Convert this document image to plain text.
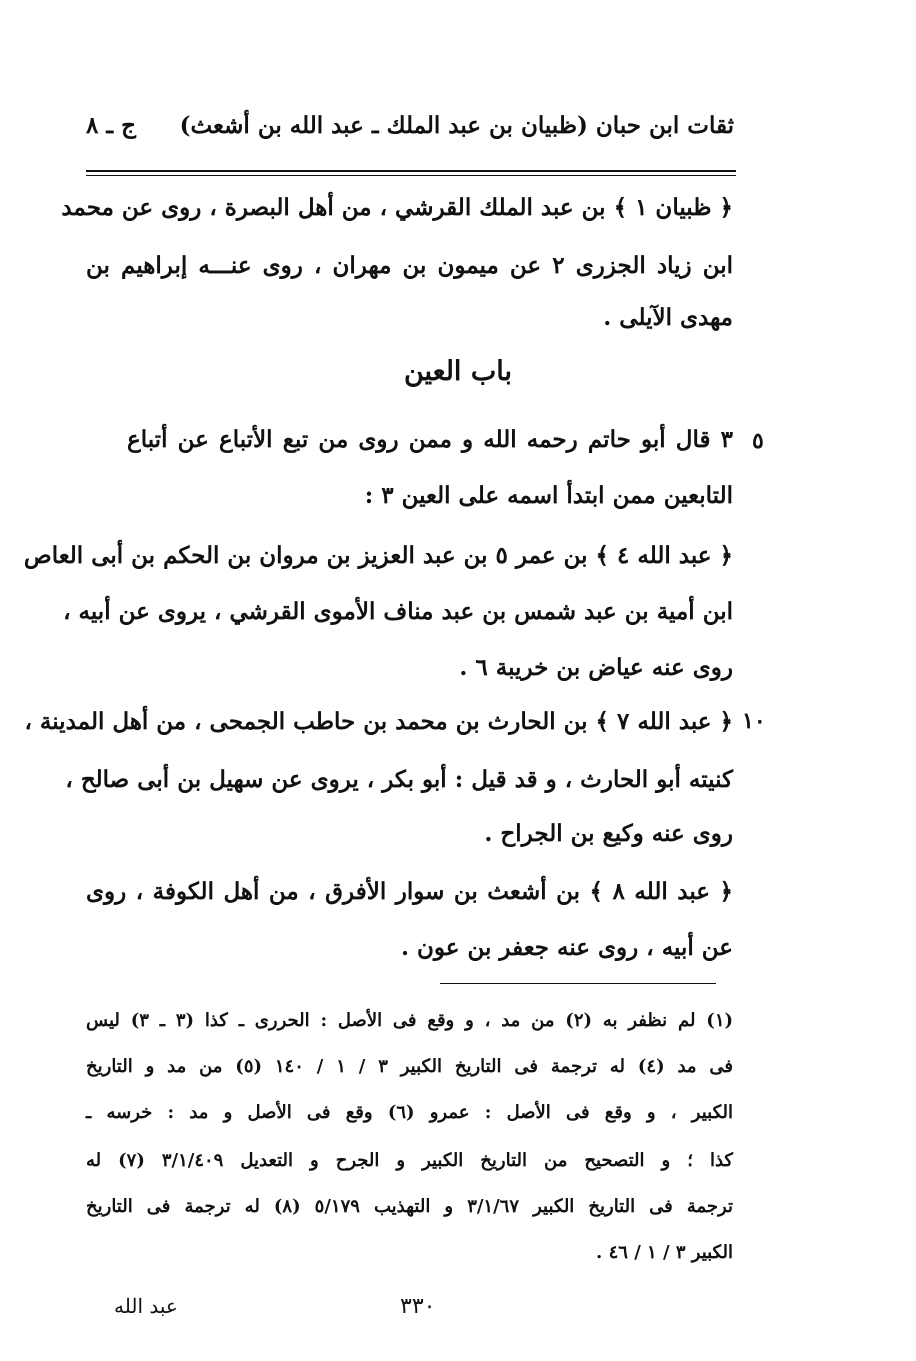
ثقات ابن حبان (ظبيان بن عبد الملك ـ عبد الله بن أشعث)
ج ـ ٨
﴿ ظبيان ١ ﴾ بن عبد الملك القرشي ، من أهل البصرة ، روى عن محمد
ابن زياد الجزرى ٢ عن ميمون بن مهران ، روى عنـــه إبراهيم بن
مهدى الآيلى .
باب العين
٥
٣ قال أبو حاتم رحمه الله و ممن روى من تبع الأتباع عن أتباع
التابعين ممن ابتدأ اسمه على العين ٣ :
﴿ عبد الله ٤ ﴾ بن عمر ٥ بن عبد العزيز بن مروان بن الحكم بن أبى العاص
ابن أمية بن عبد شمس بن عبد مناف الأموى القرشي ، يروى عن أبيه ،
روى عنه عياض بن خريبة ٦ .
١٠
﴿ عبد الله ٧ ﴾ بن الحارث بن محمد بن حاطب الجمحى ، من أهل المدينة ،
كنيته أبو الحارث ، و قد قيل : أبو بكر ، يروى عن سهيل بن أبى صالح ،
روى عنه وكيع بن الجراح .
﴿ عبد الله ٨ ﴾ بن أشعث بن سوار الأفرق ، من أهل الكوفة ، روى
عن أبيه ، روى عنه جعفر بن عون .
(١) لم نظفر به (٢) من مد ، و وقع فى الأصل : الحررى ـ كذا (٣ ـ ٣) ليس
فى مد (٤) له ترجمة فى التاريخ الكبير ٣ / ١ / ١٤٠ (٥) من مد و التاريخ
الكبير ، و وقع فى الأصل : عمرو (٦) وقع فى الأصل و مد : خرسه ـ
كذا ؛ و التصحيح من التاريخ الكبير و الجرح و التعديل ٣/١/٤٠٩ (٧) له
ترجمة فى التاريخ الكبير ٣/١/٦٧ و التهذيب ٥/١٧٩ (٨) له ترجمة فى التاريخ
الكبير ٣ / ١ / ٤٦ .
٣٣٠
عبد الله
